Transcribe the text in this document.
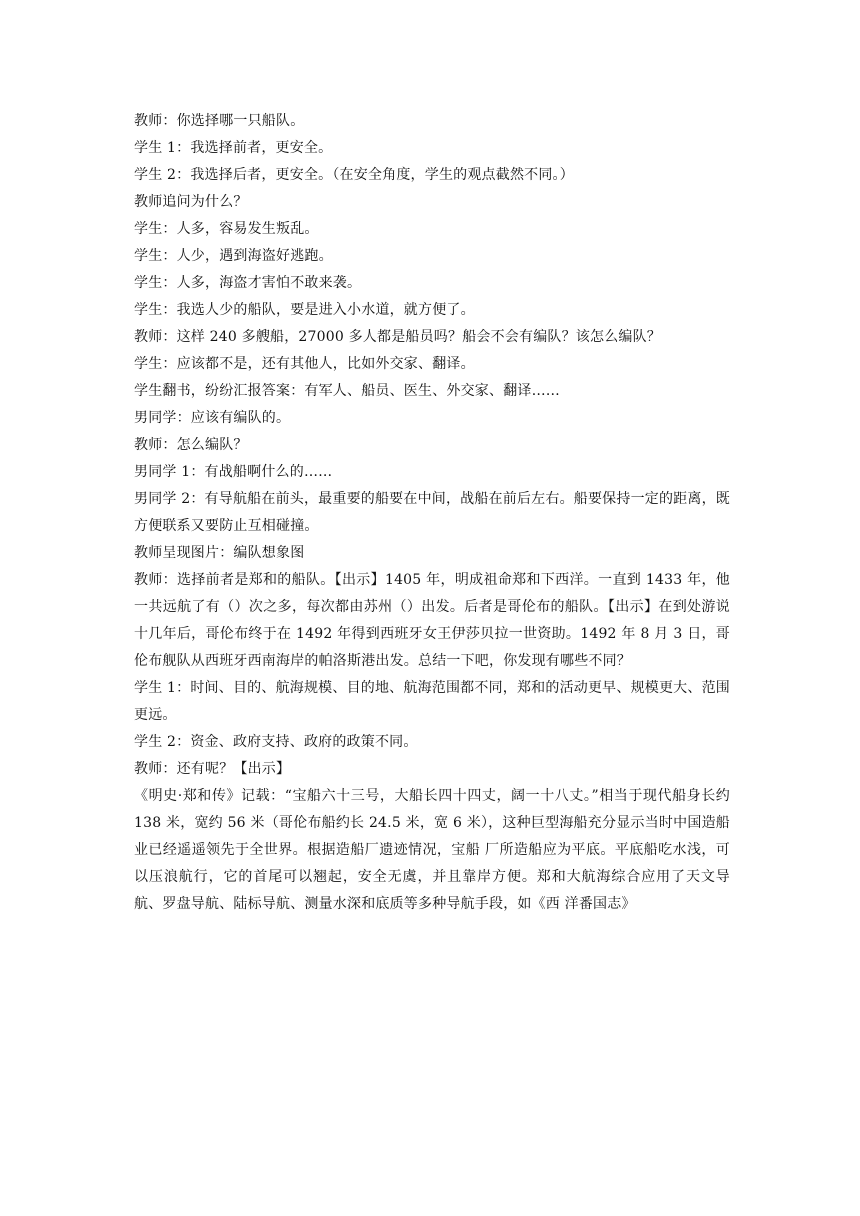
教师：你选择哪一只船队。

学生 1：我选择前者，更安全。

学生 2：我选择后者，更安全。（在安全角度，学生的观点截然不同。）

教师追问为什么？

学生：人多，容易发生叛乱。

学生：人少，遇到海盗好逃跑。

学生：人多，海盗才害怕不敢来袭。

学生：我选人少的船队，要是进入小水道，就方便了。

教师：这样 240 多艘船，27000 多人都是船员吗？船会不会有编队？该怎么编队？

学生：应该都不是，还有其他人，比如外交家、翻译。

学生翻书，纷纷汇报答案：有军人、船员、医生、外交家、翻译……

男同学：应该有编队的。

教师：怎么编队？

男同学 1：有战船啊什么的……

男同学 2：有导航船在前头，最重要的船要在中间，战船在前后左右。船要保持一定的距离，既方便联系又要防止互相碰撞。

教师呈现图片：编队想象图

教师：选择前者是郑和的船队。【出示】1405 年，明成祖命郑和下西洋。一直到 1433 年，他一共远航了有（）次之多，每次都由苏州（）出发。后者是哥伦布的船队。【出示】在到处游说十几年后，哥伦布终于在 1492 年得到西班牙女王伊莎贝拉一世资助。1492 年 8 月 3 日，哥伦布舰队从西班牙西南海岸的帕洛斯港出发。总结一下吧，你发现有哪些不同？

学生 1：时间、目的、航海规模、目的地、航海范围都不同，郑和的活动更早、规模更大、范围更远。

学生 2：资金、政府支持、政府的政策不同。

教师：还有呢？【出示】

《明史·郑和传》记载：“宝船六十三号，大船长四十四丈，阔一十八丈。”相当于现代船身长约 138 米，宽约 56 米（哥伦布船约长 24.5 米，宽 6 米），这种巨型海船充分显示当时中国造船业已经遥遥领先于全世界。根据造船厂遗迹情况，宝船 厂所造船应为平底。平底船吃水浅，可以压浪航行，它的首尾可以翘起，安全无虞，并且靠岸方便。郑和大航海综合应用了天文导航、罗盘导航、陆标导航、测量水深和底质等多种导航手段，如《西 洋番国志》
